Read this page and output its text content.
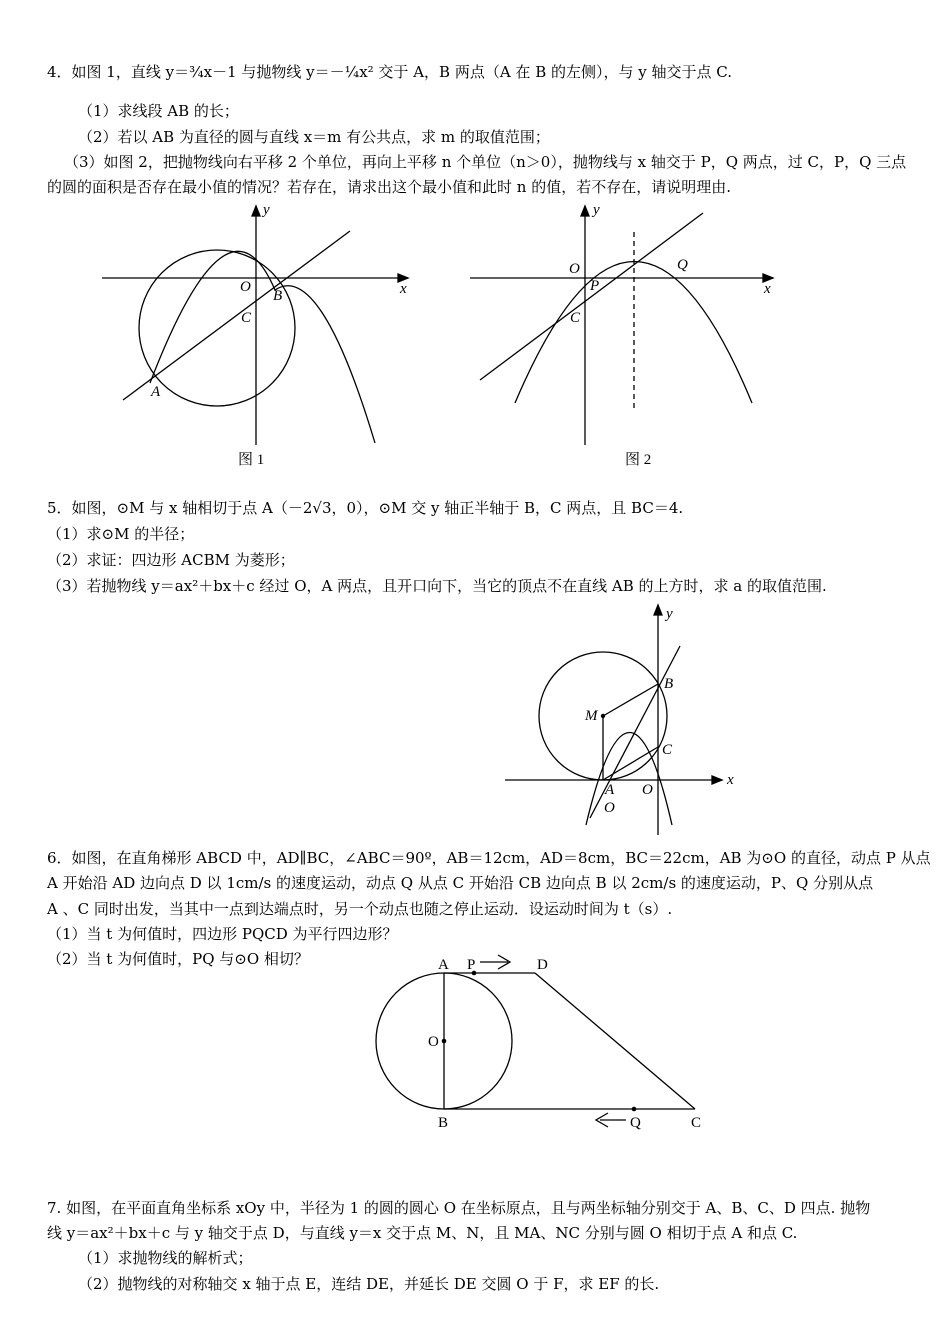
4．如图 1，直线 y＝¾x－1 与抛物线 y＝－¼x² 交于 A，B 两点（A 在 B 的左侧），与 y 轴交于点 C.
（1）求线段 AB 的长；
（2）若以 AB 为直径的圆与直线 x＝m 有公共点，求 m 的取值范围；
（3）如图 2，把抛物线向右平移 2 个单位，再向上平移 n 个单位（n＞0），抛物线与 x 轴交于 P，Q 两点，过 C，P，Q 三点
的圆的面积是否存在最小值的情况？若存在，请求出这个最小值和此时 n 的值，若不存在，请说明理由.
y
x
O
B
C
A
图 1
y
x
O
P
Q
C
图 2
5．如图，⊙M 与 x 轴相切于点 A（－2√3，0），⊙M 交 y 轴正半轴于 B，C 两点，且 BC＝4.
（1）求⊙M 的半径；
（2）求证：四边形 ACBM 为菱形；
（3）若抛物线 y＝ax²＋bx＋c 经过 O，A 两点，且开口向下，当它的顶点不在直线 AB 的上方时，求 a 的取值范围.
y
x
B
M
C
A O
O
6．如图，在直角梯形 ABCD 中，AD∥BC，∠ABC＝90º，AB＝12cm，AD＝8cm，BC＝22cm，AB 为⊙O 的直径，动点 P 从点
A 开始沿 AD 边向点 D 以 1cm/s 的速度运动，动点 Q 从点 C 开始沿 CB 边向点 B 以 2cm/s 的速度运动，P、Q 分别从点
A 、C 同时出发，当其中一点到达端点时，另一个动点也随之停止运动．设运动时间为 t（s）.
（1）当 t 为何值时，四边形 PQCD 为平行四边形？
（2）当 t 为何值时，PQ 与⊙O 相切？	A P	D
O
B	Q	C
7. 如图，在平面直角坐标系 xOy 中，半径为 1 的圆的圆心 O 在坐标原点，且与两坐标轴分别交于 A、B、C、D 四点. 抛物
线 y＝ax²＋bx＋c 与 y 轴交于点 D，与直线 y＝x 交于点 M、N，且 MA、NC 分别与圆 O 相切于点 A 和点 C.
（1）求抛物线的解析式；
（2）抛物线的对称轴交 x 轴于点 E，连结 DE，并延长 DE 交圆 O 于 F，求 EF 的长.
